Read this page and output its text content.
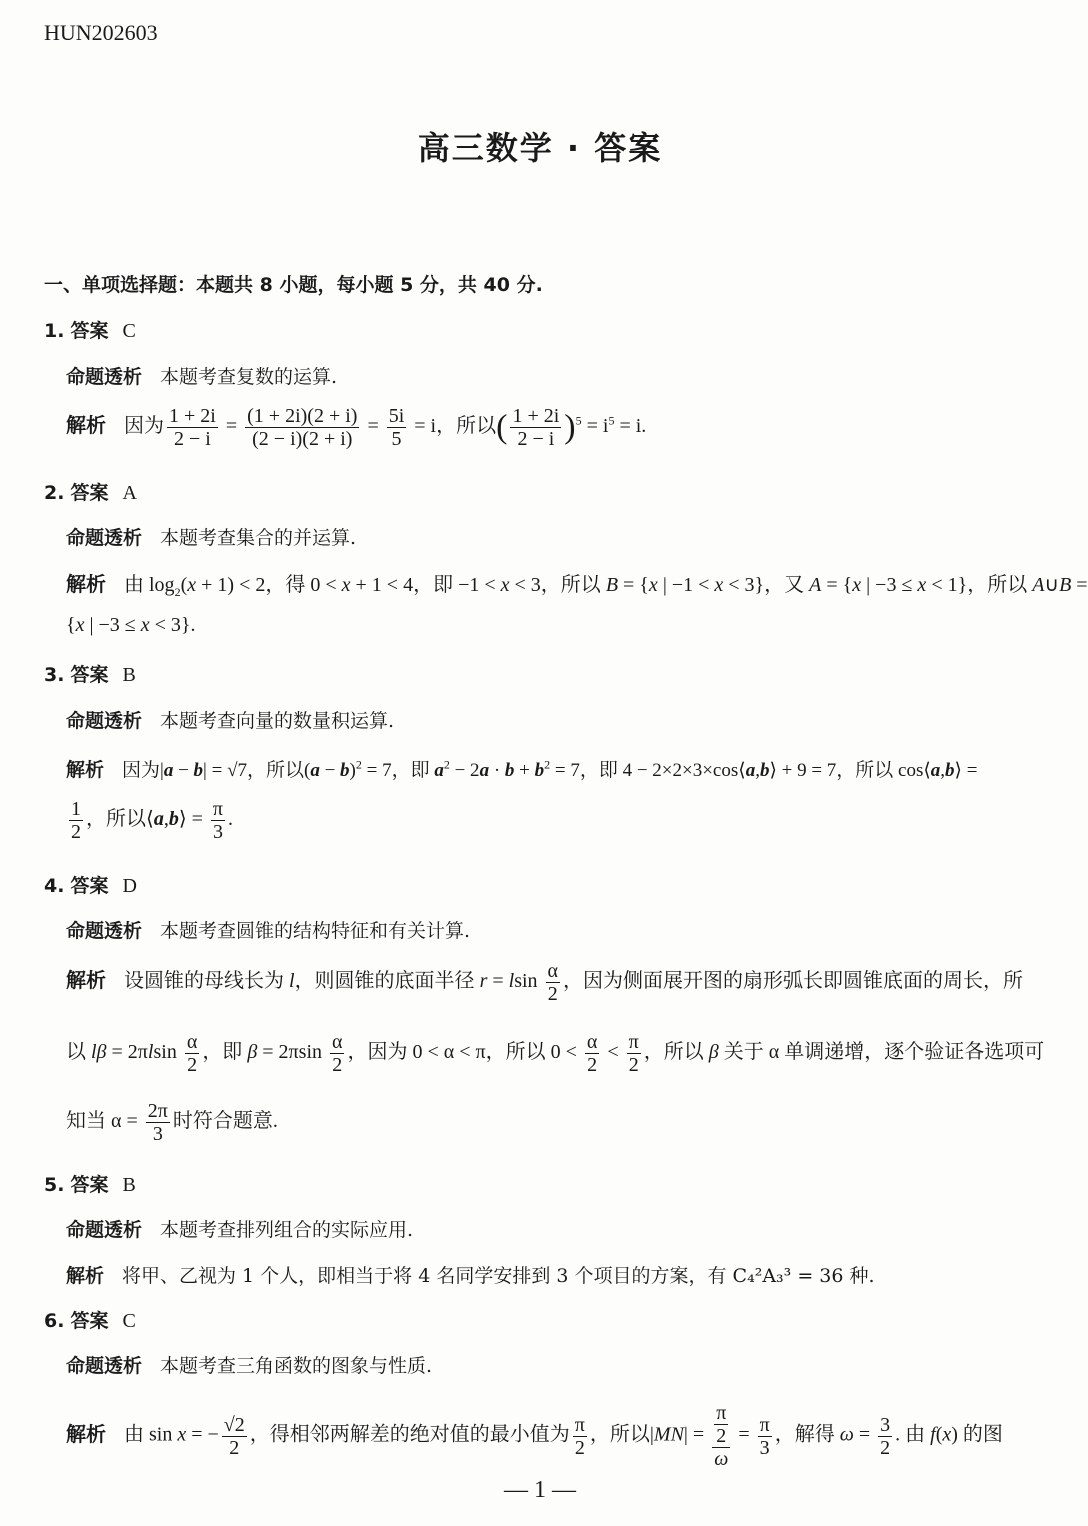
HUN202603
高三数学 · 答案
一、单项选择题：本题共 8 小题，每小题 5 分，共 40 分.
1. 答案 C
命题透析 本题考查复数的运算.
解析 因为 $\frac{1 + 2i}{2 - i} = \frac{(1 + 2i)(2 + i)}{(2 - i)(2 + i)} = \frac{5i}{5} = i$，所以( $\frac{1 + 2i}{2 - i} )^5 = i^5 = i$.
2. 答案 A
命题透析 本题考查集合的并运算.
解析 由 $\log_2(x + 1) < 2$，得 0 < x + 1 < 4，即 −1 < x < 3，所以 B = {x | −1 < x < 3}，又 A = {x | −3 ≤ x < 1}，所以 A∪B =
{x | −3 ≤ x < 3}.
3. 答案 B
命题透析 本题考查向量的数量积运算.
解析 因为|a − b| = √7，所以$(a - b)^2 = 7$，即 $a^2 - 2a \cdot b + b^2 = 7$，即 4 − 2×2×3×cos⟨a,b⟩ + 9 = 7，所以 cos⟨a,b⟩ =
$\frac{1}{2}$ ，所以⟨a,b⟩ = $\frac{\pi}{3}$ .
4. 答案 D
命题透析 本题考查圆锥的结构特征和有关计算.
解析 设圆锥的母线长为 l，则圆锥的底面半径 r = lsin $\frac{\alpha}{2}$ ，因为侧面展开图的扇形弧长即圆锥底面的周长，所
以 $l\beta = 2\pi lsin \frac{\alpha}{2}$ ，即 $\beta = 2\pi\sin \frac{\alpha}{2}$ ，因为 0 < α < π，所以 $0 < \frac{\alpha}{2} < \frac{\pi}{2}$ ，所以 β 关于 α 单调递增，逐个验证各选项可
知当 $\alpha = \frac{2\pi}{3}$ 时符合题意.
5. 答案 B
命题透析 本题考查排列组合的实际应用.
解析 将甲、乙视为 1 个人，即相当于将 4 名同学安排到 3 个项目的方案，有 C₄²A₃³ = 36 种.
6. 答案 C
命题透析 本题考查三角函数的图象与性质.
解析 由 sin x = − $\frac{√2}{2}$ ，得相邻两解差的绝对值的最小值为 $\frac{\pi}{2}$ ，所以$|MN| = \frac{\frac{\pi}{2}}{\omega} = \frac{\pi}{3}$ ，解得 $\omega = \frac{3}{2}$ . 由 f(x) 的图
— 1 —
